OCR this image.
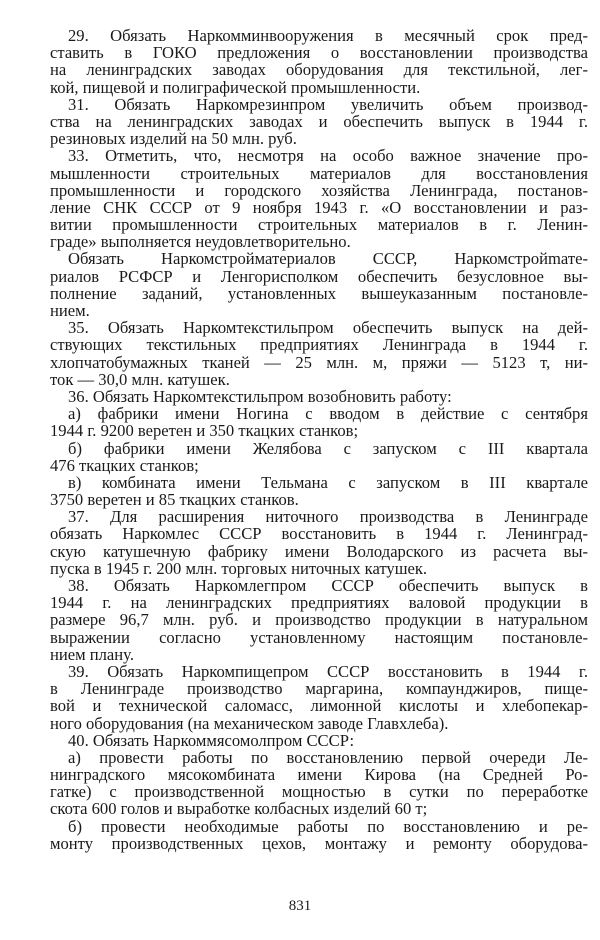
29. Обязать Наркомминвооружения в месячный срок пред-
ставить в ГОКО предложения о восстановлении производства
на ленинградских заводах оборудования для текстильной, лег-
кой, пищевой и полиграфической промышленности.
31. Обязать Наркомрезинпром увеличить объем производ-
ства на ленинградских заводах и обеспечить выпуск в 1944 г.
резиновых изделий на 50 млн. руб.
33. Отметить, что, несмотря на особо важное значение про-
мышленности строительных материалов для восстановления
промышленности и городского хозяйства Ленинграда, постанов-
ление СНК СССР от 9 ноября 1943 г. «О восстановлении и раз-
витии промышленности строительных материалов в г. Ленин-
граде» выполняется неудовлетворительно.
Обязать Наркомстройматериалов СССР, Наркомстройmате-
риалов РСФСР и Ленгорисполком обеспечить безусловное вы-
полнение заданий, установленных вышеуказанным постановле-
нием.
35. Обязать Наркомтекстильпром обеспечить выпуск на дей-
ствующих текстильных предприятиях Ленинграда в 1944 г.
хлопчатобумажных тканей — 25 млн. м, пряжи — 5123 т, ни-
ток — 30,0 млн. катушек.
36. Обязать Наркомтекстильпром возобновить работу:
а) фабрики имени Ногина с вводом в действие с сентября
1944 г. 9200 веретен и 350 ткацких станков;
б) фабрики имени Желябова с запуском с III квартала
476 ткацких станков;
в) комбината имени Тельмана с запуском в III квартале
3750 веретен и 85 ткацких станков.
37. Для расширения ниточного производства в Ленинграде
обязать Наркомлес СССР восстановить в 1944 г. Ленинград-
скую катушечную фабрику имени Володарского из расчета вы-
пуска в 1945 г. 200 млн. торговых ниточных катушек.
38. Обязать Наркомлегпром СССР обеспечить выпуск в
1944 г. на ленинградских предприятиях валовой продукции в
размере 96,7 млн. руб. и производство продукции в натуральном
выражении согласно установленному настоящим постановле-
нием плану.
39. Обязать Наркомпищепром СССР восстановить в 1944 г.
в Ленинграде производство маргарина, компаунджиров, пище-
вой и технической саломасс, лимонной кислоты и хлебопекар-
ного оборудования (на механическом заводе Главхлеба).
40. Обязать Наркоммясомолпром СССР:
а) провести работы по восстановлению первой очереди Ле-
нинградского мясокомбината имени Кирова (на Средней Ро-
гатке) с производственной мощностью в сутки по переработке
скота 600 голов и выработке колбасных изделий 60 т;
б) провести необходимые работы по восстановлению и ре-
монту производственных цехов, монтажу и ремонту оборудова-
831
